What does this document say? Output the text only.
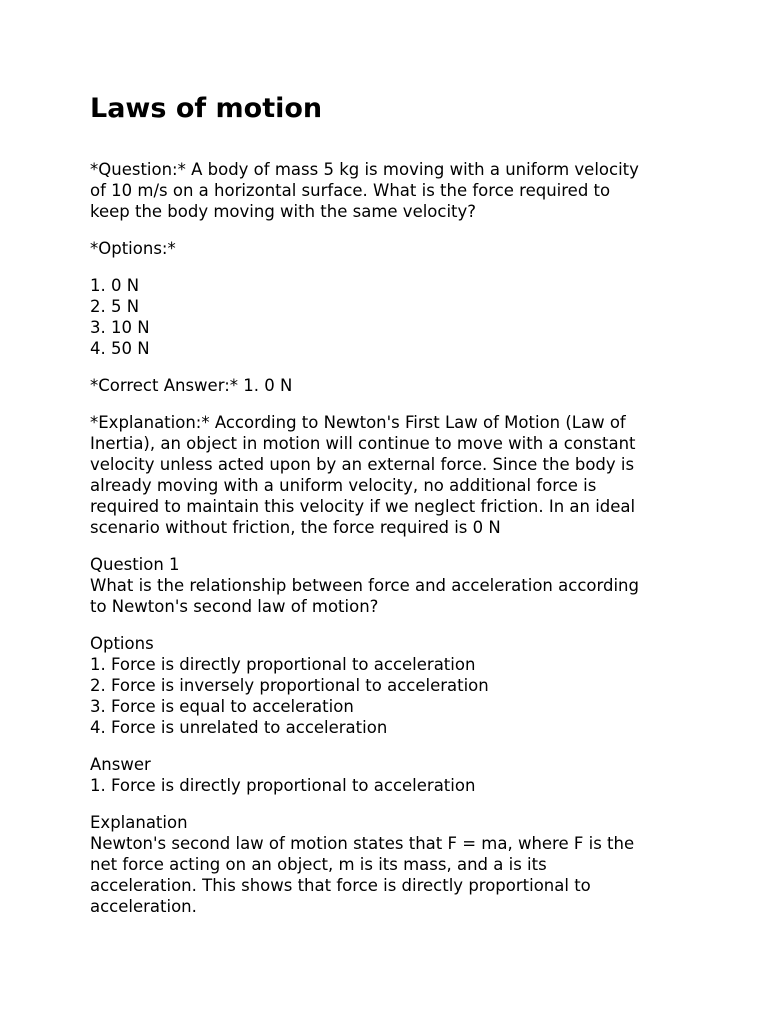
Laws of motion
*Question:* A body of mass 5 kg is moving with a uniform velocity
of 10 m/s on a horizontal surface. What is the force required to
keep the body moving with the same velocity?
*Options:*
1. 0 N
2. 5 N
3. 10 N
4. 50 N
*Correct Answer:* 1. 0 N
*Explanation:* According to Newton's First Law of Motion (Law of
Inertia), an object in motion will continue to move with a constant
velocity unless acted upon by an external force. Since the body is
already moving with a uniform velocity, no additional force is
required to maintain this velocity if we neglect friction. In an ideal
scenario without friction, the force required is 0 N
Question 1
What is the relationship between force and acceleration according
to Newton's second law of motion?
Options
1. Force is directly proportional to acceleration
2. Force is inversely proportional to acceleration
3. Force is equal to acceleration
4. Force is unrelated to acceleration
Answer
1. Force is directly proportional to acceleration
Explanation
Newton's second law of motion states that F = ma, where F is the
net force acting on an object, m is its mass, and a is its
acceleration. This shows that force is directly proportional to
acceleration.
